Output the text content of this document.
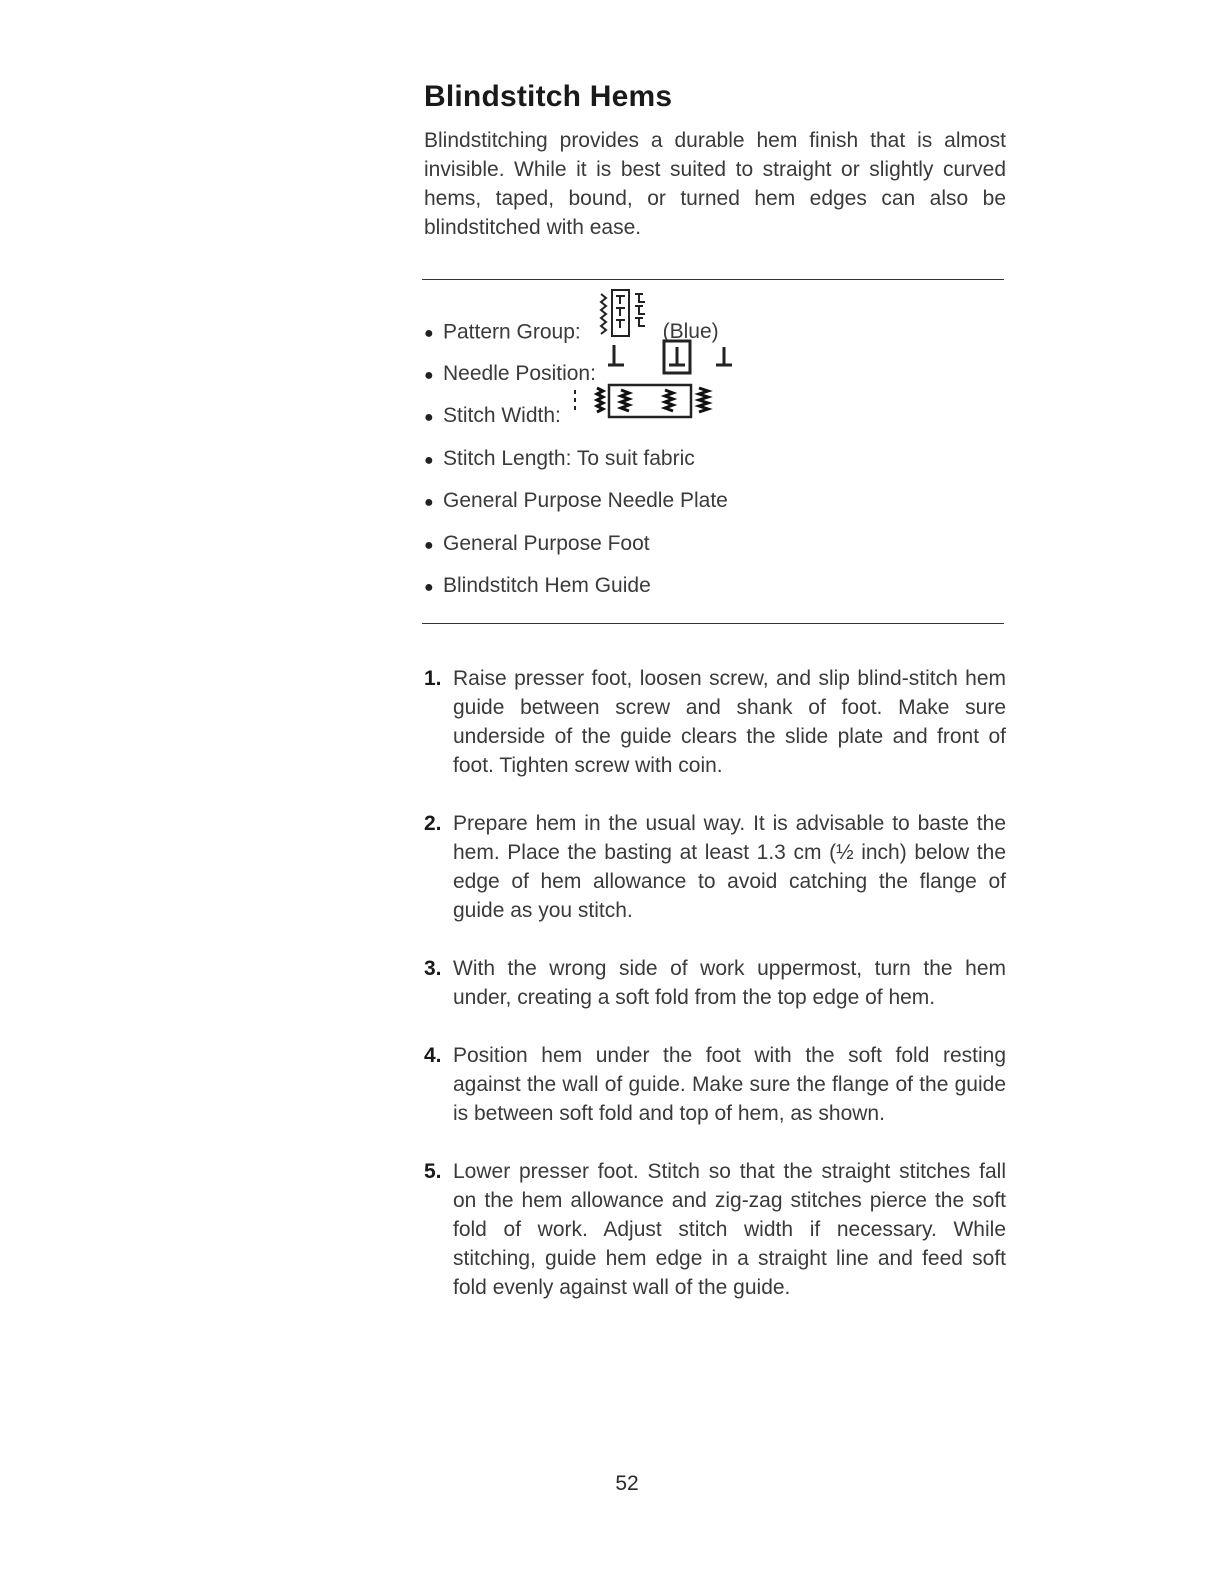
Blindstitch Hems

Blindstitching provides a durable hem finish that is almost invisible. While it is best suited to straight or slightly curved hems, taped, bound, or turned hem edges can also be blindstitched with ease.

● Pattern Group:	(Blue)
● Needle Position:
● Stitch Width:
● Stitch Length: To suit fabric
● General Purpose Needle Plate
● General Purpose Foot
● Blindstitch Hem Guide
1. Raise presser foot, loosen screw, and slip blind-stitch hem guide between screw and shank of foot. Make sure underside of the guide clears the slide plate and front of foot. Tighten screw with coin.
2. Prepare hem in the usual way. It is advisable to baste the hem. Place the basting at least 1.3 cm (½ inch) below the edge of hem allowance to avoid catching the flange of guide as you stitch.
3. With the wrong side of work uppermost, turn the hem under, creating a soft fold from the top edge of hem.
4. Position hem under the foot with the soft fold resting against the wall of guide. Make sure the flange of the guide is between soft fold and top of hem, as shown.
5. Lower presser foot. Stitch so that the straight stitches fall on the hem allowance and zig-zag stitches pierce the soft fold of work. Adjust stitch width if necessary. While stitching, guide hem edge in a straight line and feed soft fold evenly against wall of the guide.
52
